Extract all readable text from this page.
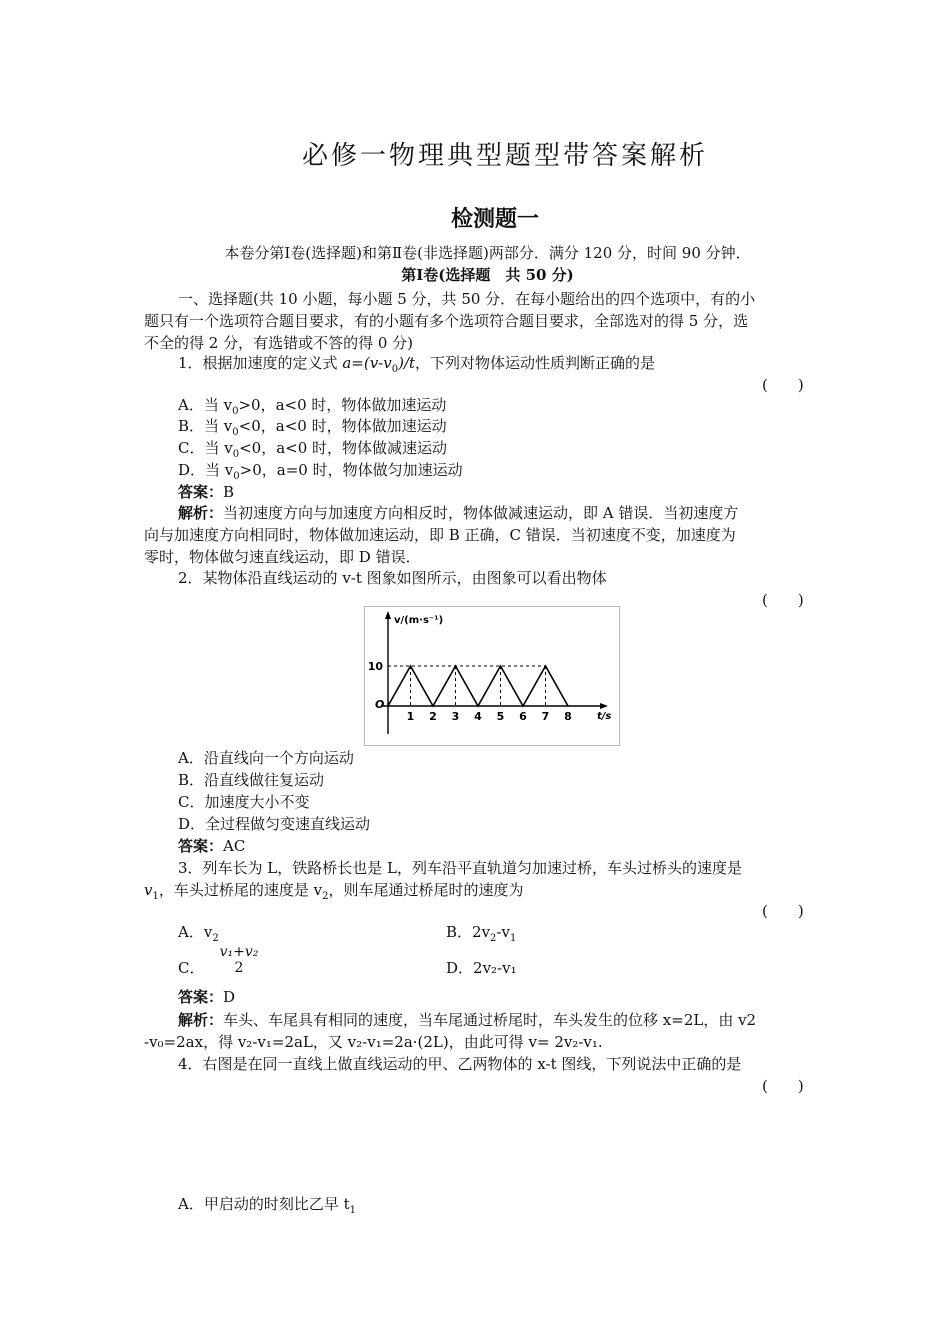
必修一物理典型题型带答案解析
检测题一
本卷分第Ⅰ卷(选择题)和第Ⅱ卷(非选择题)两部分．满分 120 分，时间 90 分钟．
第Ⅰ卷(选择题　共 50 分)
一、选择题(共 10 小题，每小题 5 分，共 50 分．在每小题给出的四个选项中，有的小
题只有一个选项符合题目要求，有的小题有多个选项符合题目要求，全部选对的得 5 分，选
不全的得 2 分，有选错或不答的得 0 分)
1．根据加速度的定义式 $a=(v-v_0)/t$，下列对物体运动性质判断正确的是
(　　)
A．当 $v_0>0$，a<0 时，物体做加速运动
B．当 $v_0<0$，a<0 时，物体做加速运动
C．当 $v_0<0$，a<0 时，物体做减速运动
D．当 $v_0>0$，a=0 时，物体做匀加速运动
答案：B
解析：当初速度方向与加速度方向相反时，物体做减速运动，即 A 错误．当初速度方
向与加速度方向相同时，物体做加速运动，即 B 正确，C 错误．当初速度不变，加速度为
零时，物体做匀速直线运动，即 D 错误．
2．某物体沿直线运动的 v-t 图象如图所示，由图象可以看出物体
(　　)
v/(m·s⁻¹)
t/s
O
1 2 3 4 5 6 7 8
10
A．沿直线向一个方向运动
B．沿直线做往复运动
C．加速度大小不变
D．全过程做匀变速直线运动
答案：AC
3．列车长为 L，铁路桥长也是 L，列车沿平直轨道匀加速过桥，车头过桥头的速度是
$v_1$，车头过桥尾的速度是 $v_2$，则车尾通过桥尾时的速度为
(　　)
A．$v_2$	B．$2v_2-v_1$
C．
v₁+v₂
2	D．2v₂-v₁
答案：D
解析：车头、车尾具有相同的速度，当车尾通过桥尾时，车头发生的位移 x=2L，由 v2
-v₀=2ax，得 v₂-v₁=2aL，又 v₂-v₁=2a·(2L)，由此可得 v= 2v₂-v₁.
4．右图是在同一直线上做直线运动的甲、乙两物体的 x-t 图线，下列说法中正确的是
(　　)
A．甲启动的时刻比乙早 $t_1$
